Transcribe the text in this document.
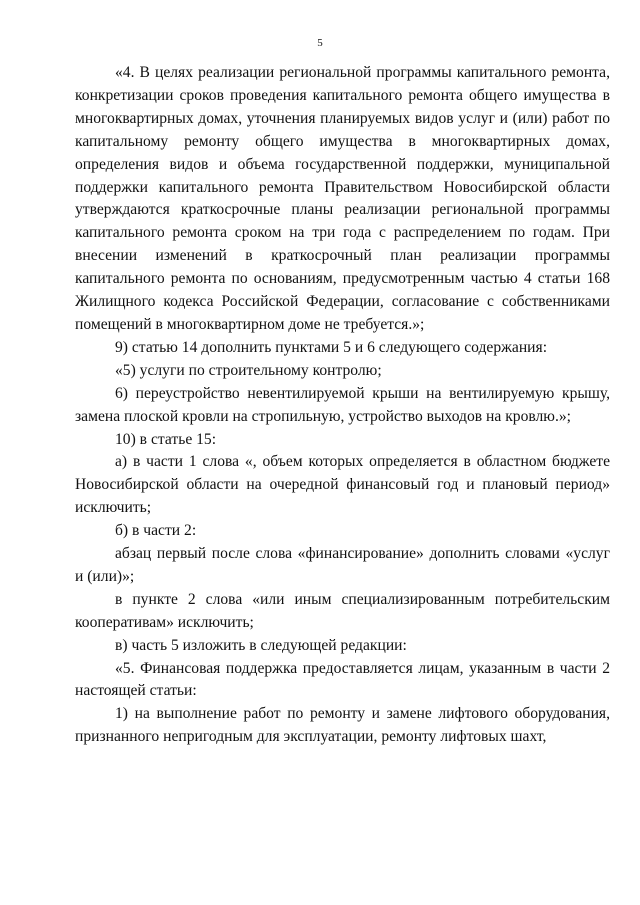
5

«4. В целях реализации региональной программы капитального ремонта, конкретизации сроков проведения капитального ремонта общего имущества в многоквартирных домах, уточнения планируемых видов услуг и (или) работ по капитальному ремонту общего имущества в многоквартирных домах, определения видов и объема государственной поддержки, муниципальной поддержки капитального ремонта Правительством Новосибирской области утверждаются краткосрочные планы реализации региональной программы капитального ремонта сроком на три года с распределением по годам. При внесении изменений в краткосрочный план реализации программы капитального ремонта по основаниям, предусмотренным частью 4 статьи 168 Жилищного кодекса Российской Федерации, согласование с собственниками помещений в многоквартирном доме не требуется.»;

9) статью 14 дополнить пунктами 5 и 6 следующего содержания:

«5) услуги по строительному контролю;

6) переустройство невентилируемой крыши на вентилируемую крышу, замена плоской кровли на стропильную, устройство выходов на кровлю.»;

10) в статье 15:

а) в части 1 слова «, объем которых определяется в областном бюджете Новосибирской области на очередной финансовый год и плановый период» исключить;

б) в части 2:

абзац первый после слова «финансирование» дополнить словами «услуг и (или)»;

в пункте 2 слова «или иным специализированным потребительским кооперативам» исключить;

в) часть 5 изложить в следующей редакции:

«5. Финансовая поддержка предоставляется лицам, указанным в части 2 настоящей статьи:

1) на выполнение работ по ремонту и замене лифтового оборудования, признанного непригодным для эксплуатации, ремонту лифтовых шахт,
